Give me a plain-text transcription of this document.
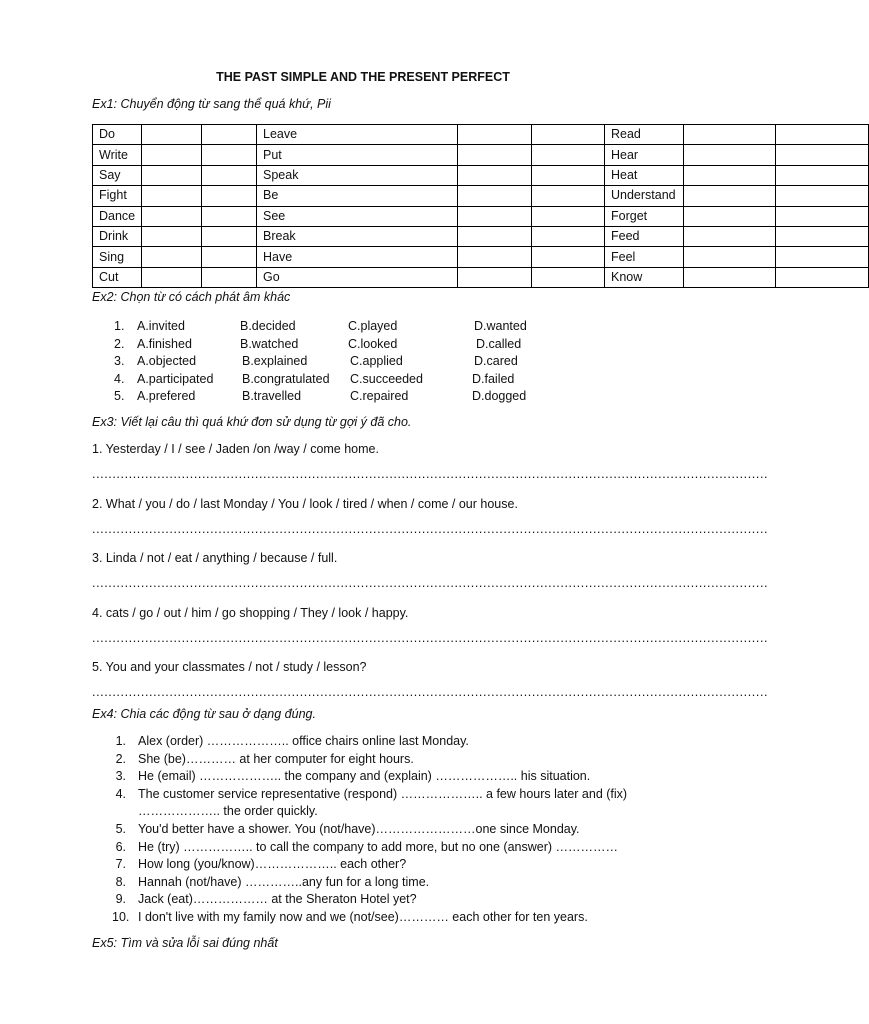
THE PAST SIMPLE AND THE PRESENT PERFECT
Ex1: Chuyển động từ sang thể quá khứ, Pii
Do			Leave			Read		
Write			Put			Hear		
Say			Speak			Heat		
Fight			Be			Understand		
Dance			See			Forget		
Drink			Break			Feed		
Sing			Have			Feel		
Cut			Go			Know		
Ex2: Chọn từ có cách phát âm khác
1. A.invited	B.decided	C.played	D.wanted
2. A.finished	B.watched	C.looked	D.called
3. A.objected	B.explained	C.applied	D.cared
4. A.participated B.congratulated C.succeeded	D.failed
5. A.prefered	B.travelled	C.repaired	D.dogged
Ex3: Viết lại câu thì quá khứ đơn sử dụng từ gợi ý đã cho.
1. Yesterday / I / see / Jaden /on /way / come home.
......................................................................................................................................................................
2. What / you / do / last Monday / You / look / tired / when / come / our house.
......................................................................................................................................................................
3. Linda / not / eat / anything / because / full.
......................................................................................................................................................................
4. cats / go / out / him / go shopping / They / look / happy.
......................................................................................................................................................................
5. You and your classmates / not / study / lesson?
......................................................................................................................................................................
Ex4: Chia các động từ sau ở dạng đúng.
1. Alex (order) ……………….. office chairs online last Monday.
2. She (be)………… at her computer for eight hours.
3. He (email) ……………….. the company and (explain) ……………….. his situation.
4. The customer service representative (respond) ……………….. a few hours later and (fix)
……………….. the order quickly.
5. You'd better have a shower. You (not/have)……………………one since Monday.
6. He (try) …………….. to call the company to add more, but no one (answer) ……………
7. How long (you/know)……………….. each other?
8. Hannah (not/have) …………..any fun for a long time.
9. Jack (eat)……………… at the Sheraton Hotel yet?
10. I don't live with my family now and we (not/see)………… each other for ten years.
Ex5: Tìm và sửa lỗi sai đúng nhất
